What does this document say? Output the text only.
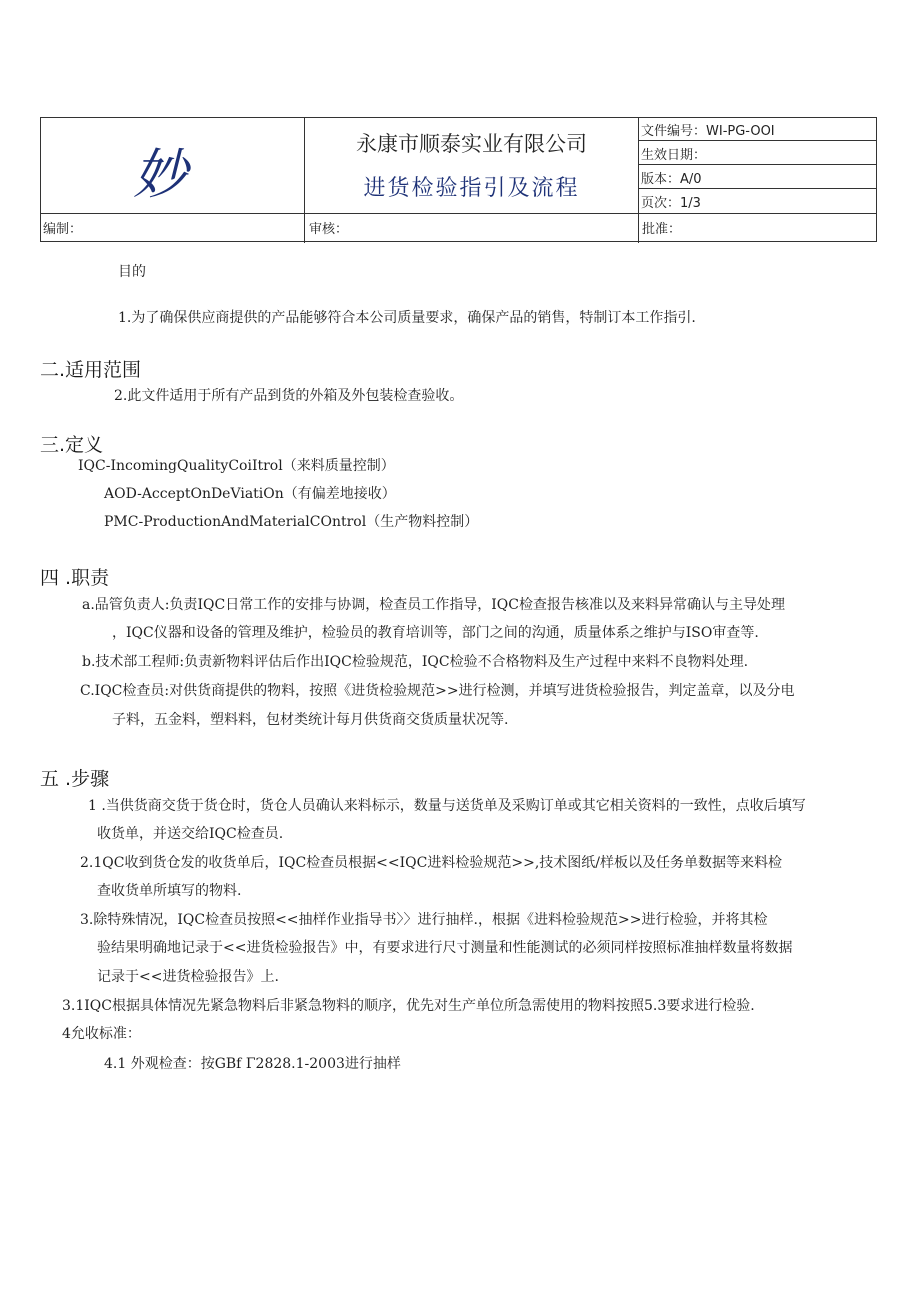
妙	永康市顺泰实业有限公司
进货检验指引及流程
文件编号：WI-PG-OOI
生效日期：
版本：A/0
页次：1/3
编制：	审核：	批准：
目的
1.为了确保供应商提供的产品能够符合本公司质量要求，确保产品的销售，特制订本工作指引.
二.适用范围
2.此文件适用于所有产品到货的外箱及外包装检查验收。
三.定义
IQC-IncomingQualityCoiItrol（来料质量控制）
AOD-AcceptOnDeViatiOn（有偏差地接收）
PMC-ProductionAndMaterialCOntrol（生产物料控制）
四 .职责
a.品管负责人:负责IQC日常工作的安排与协调，检查员工作指导，IQC检查报告核准以及来料异常确认与主导处理
，IQC仪器和设备的管理及维护，检验员的教育培训等，部门之间的沟通，质量体系之维护与ISO审查等.
b.技术部工程师:负责新物料评估后作出IQC检验规范，IQC检验不合格物料及生产过程中来料不良物料处理.
C.IQC检查员:对供货商提供的物料，按照《进货检验规范>>进行检测，并填写进货检验报告，判定盖章，以及分电
子料，五金料，塑料料，包材类统计每月供货商交货质量状况等.
五 .步骤
1 .当供货商交货于货仓时，货仓人员确认来料标示，数量与送货单及采购订单或其它相关资料的一致性，点收后填写
收货单，并送交给IQC检查员.
2.1QC收到货仓发的收货单后，IQC检查员根据<<IQC进料检验规范>>,技术图纸/样板以及任务单数据等来料检
查收货单所填写的物料.
3.除特殊情况，IQC检查员按照<<抽样作业指导书〉〉进行抽样.，根据《进料检验规范>>进行检验，并将其检
验结果明确地记录于<<进货检验报告》中，有要求进行尺寸测量和性能测试的必须同样按照标准抽样数量将数据
记录于<<进货检验报告》上.
3.1IQC根据具体情况先紧急物料后非紧急物料的顺序，优先对生产单位所急需使用的物料按照5.3要求进行检验.
4允收标准：
4.1 外观检查：按GBf Γ2828.1-2003进行抽样
